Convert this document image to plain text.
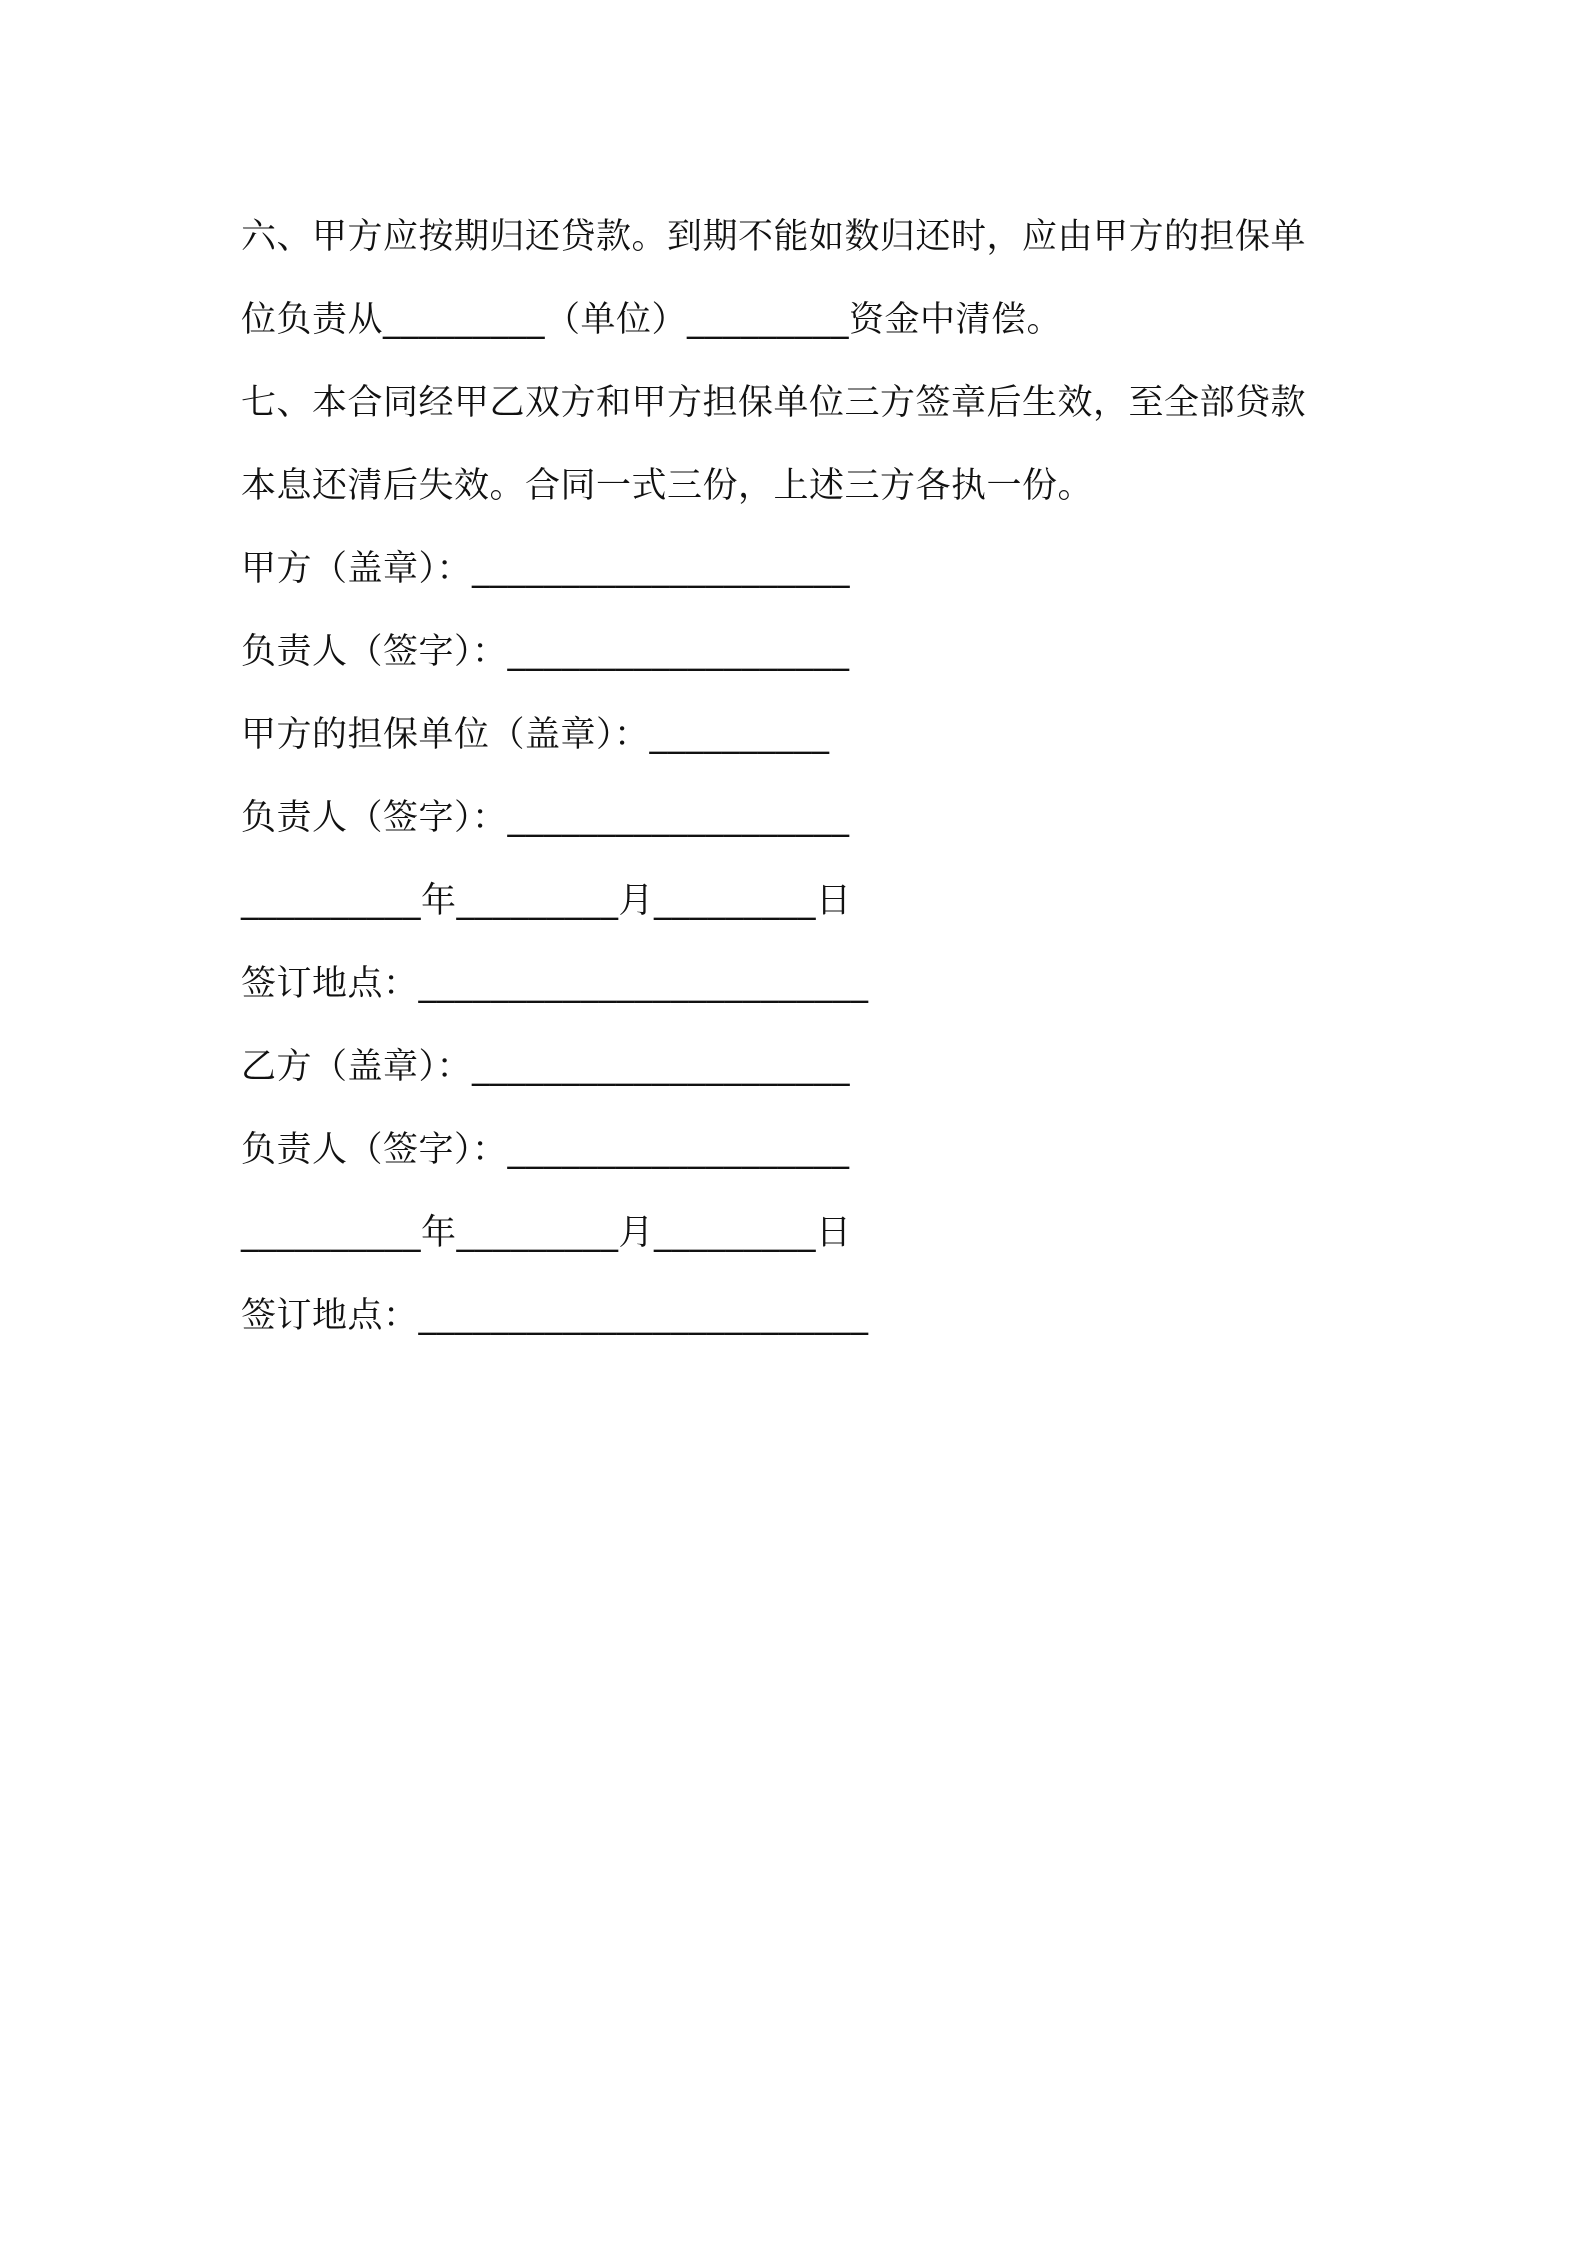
六、甲方应按期归还贷款。到期不能如数归还时，应由甲方的担保单
位负责从_________（单位）_________资金中清偿。
七、本合同经甲乙双方和甲方担保单位三方签章后生效，至全部贷款
本息还清后失效。合同一式三份，上述三方各执一份。
甲方（盖章）：_____________________
负责人（签字）：___________________
甲方的担保单位（盖章）：__________
负责人（签字）：___________________
__________年_________月_________日
签订地点：_________________________
乙方（盖章）：_____________________
负责人（签字）：___________________
__________年_________月_________日
签订地点：_________________________
